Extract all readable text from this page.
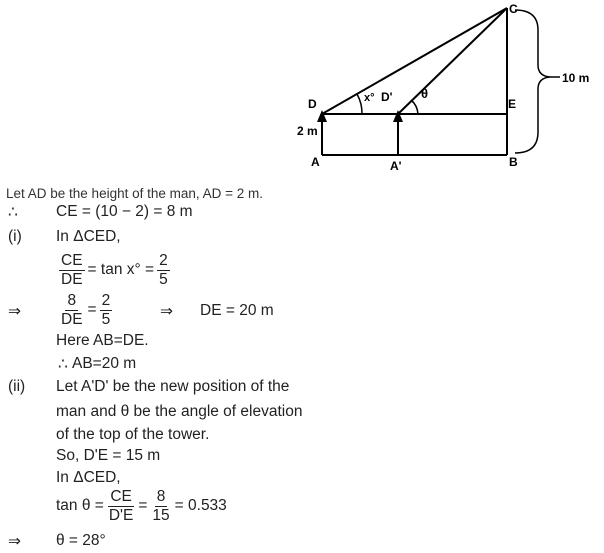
C
D	D'	E
A	A'	B
2 m
10 m
x°	θ
Let AD be the height of the man, AD = 2 m.
∴ CE = (10 − 2) = 8 m
(i) In ΔCED,
$\frac{CE}{DE}$ =
tan x°
= $\frac{2}{5}$
⇒ $\frac{8}{DE} = \frac{2}{5}$	⇒ DE = 20 m
Here AB=DE.
∴ AB=20 m
(ii) Let A'D' be the new position of the
man and θ be the angle of elevation
of the top of the tower.
So, D'E = 15 m
In ΔCED,
$\tan \theta = \frac{CE}{D'E} = \frac{8}{15} = 0.533$
⇒ θ = 28°
